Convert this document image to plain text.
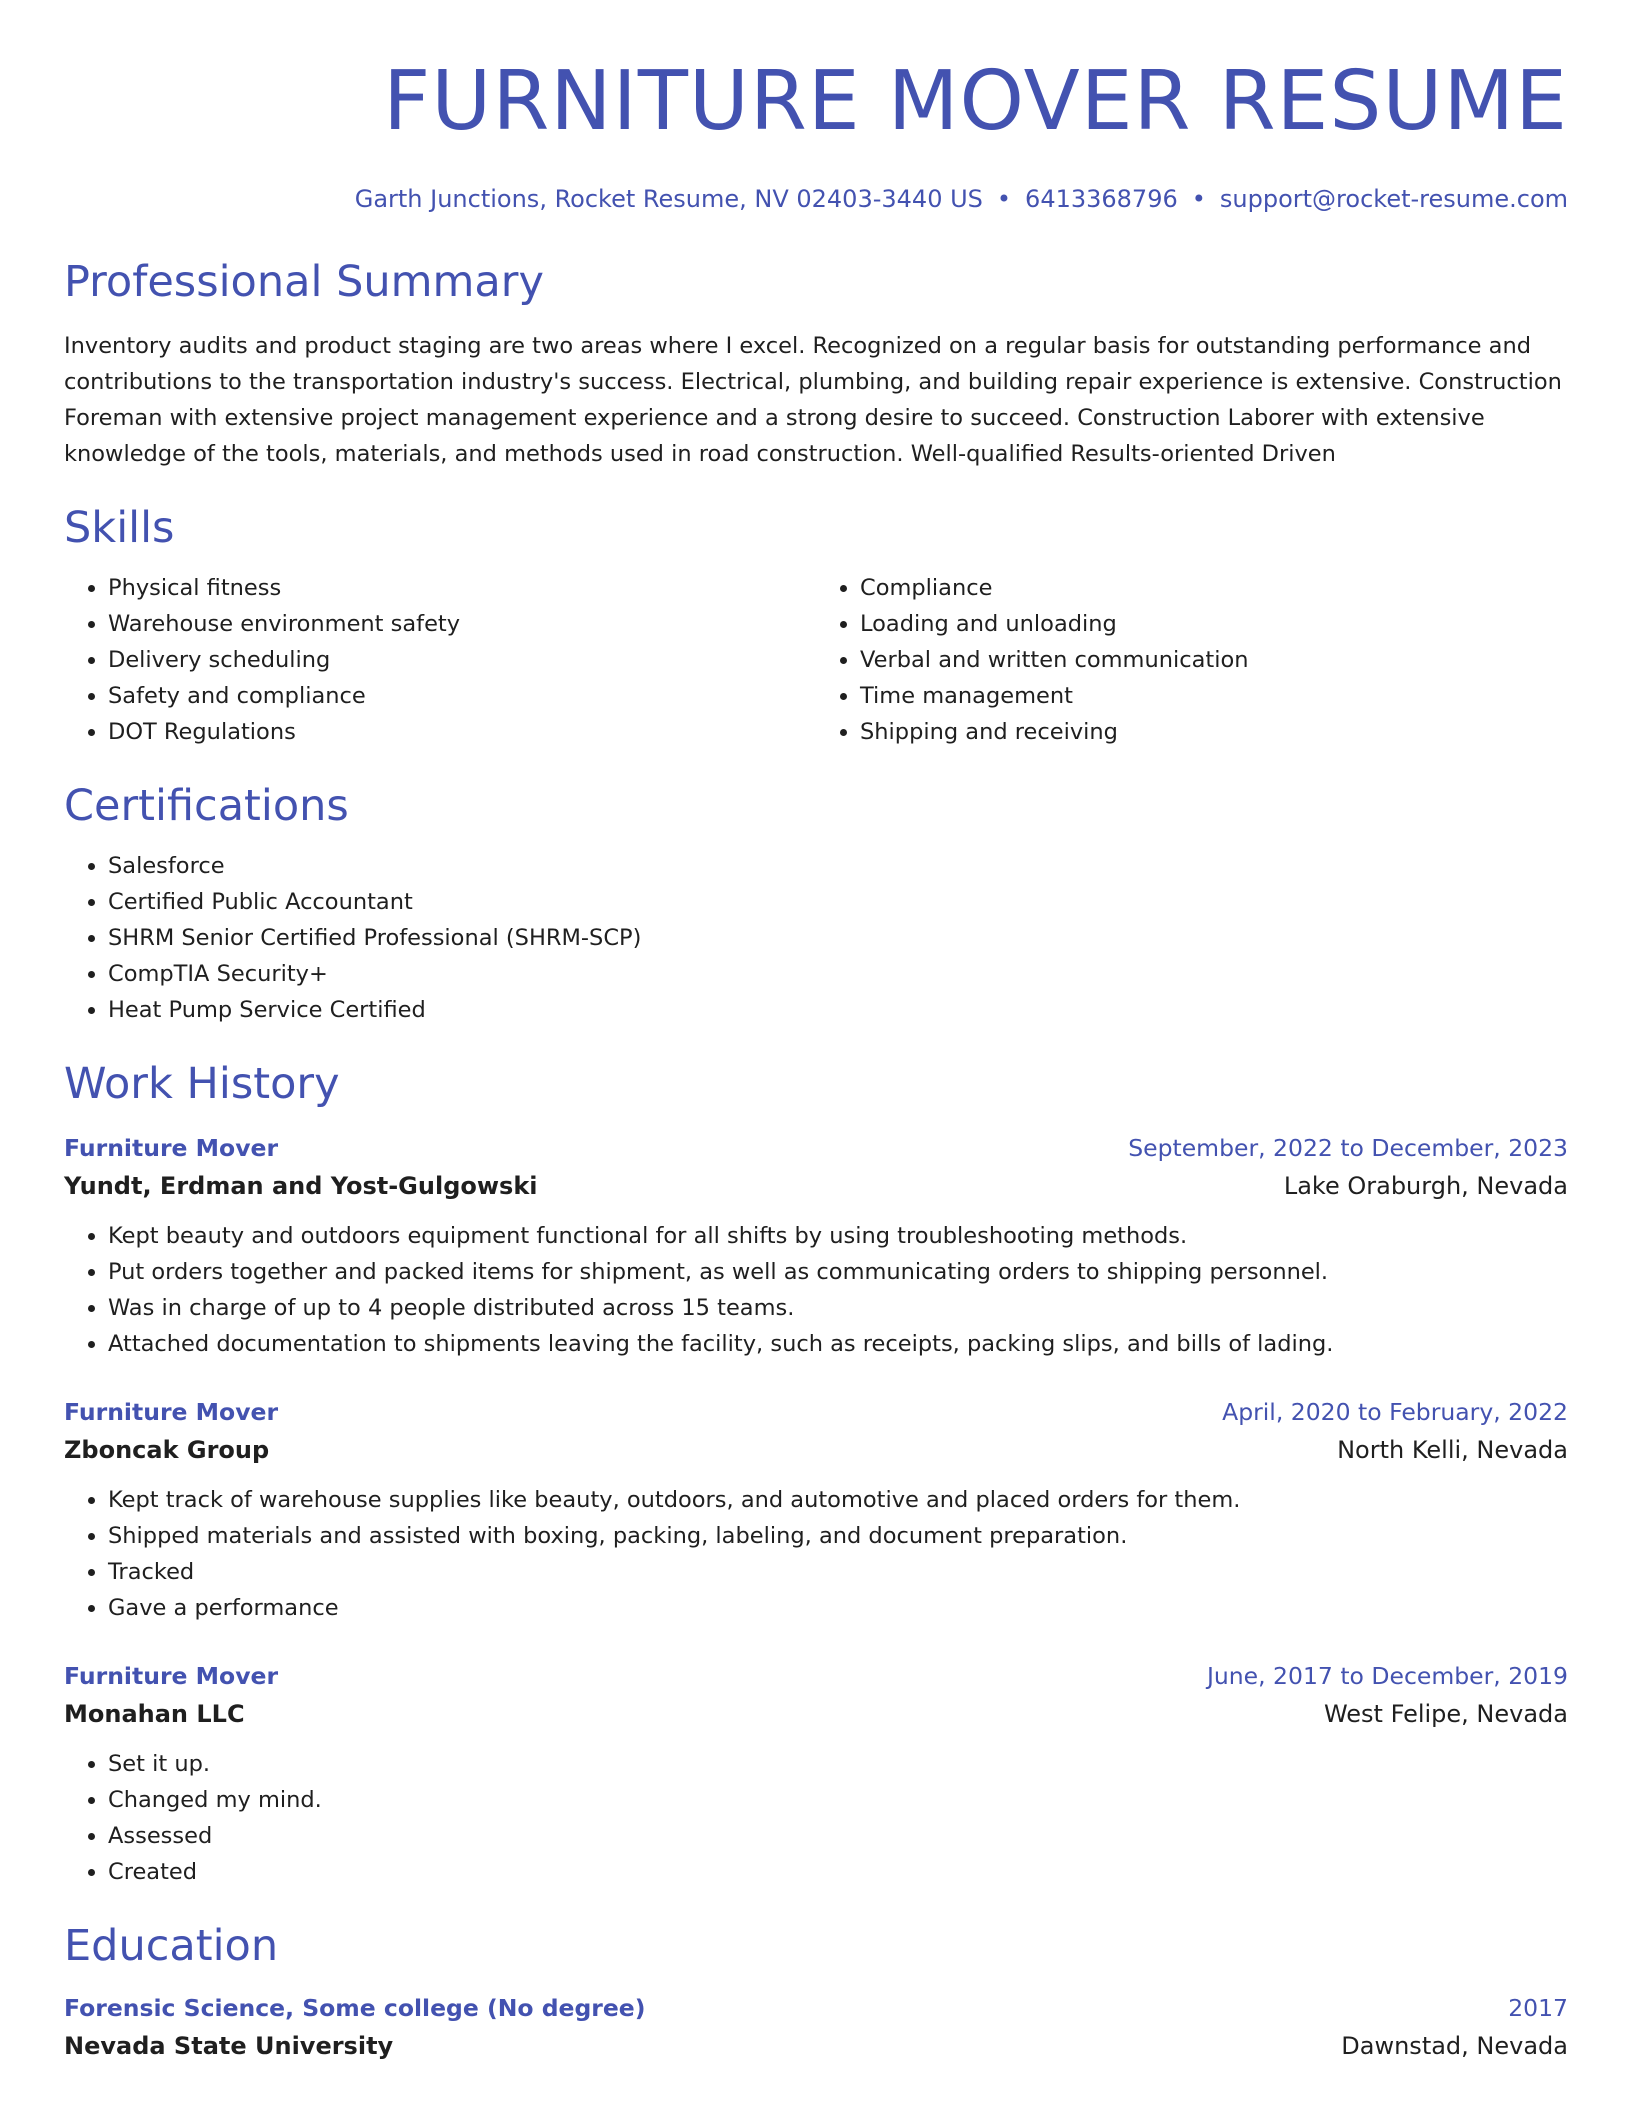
FURNITURE MOVER RESUME
Garth Junctions, Rocket Resume, NV 02403-3440 US • 6413368796 • support@rocket-resume.com
Professional Summary

Inventory audits and product staging are two areas where I excel. Recognized on a regular basis for outstanding performance and contributions to the transportation industry's success. Electrical, plumbing, and building repair experience is extensive. Construction Foreman with extensive project management experience and a strong desire to succeed. Construction Laborer with extensive knowledge of the tools, materials, and methods used in road construction. Well-qualified Results-oriented Driven

Skills
• Physical fitness
• Warehouse environment safety
• Delivery scheduling
• Safety and compliance
• DOT Regulations
• Compliance
• Loading and unloading
• Verbal and written communication
• Time management
• Shipping and receiving
Certifications
• Salesforce
• Certified Public Accountant
• SHRM Senior Certified Professional (SHRM-SCP)
• CompTIA Security+
• Heat Pump Service Certified
Work History
Furniture Mover	September, 2022 to December, 2023
Yundt, Erdman and Yost-Gulgowski	Lake Oraburgh, Nevada
• Kept beauty and outdoors equipment functional for all shifts by using troubleshooting methods.
• Put orders together and packed items for shipment, as well as communicating orders to shipping personnel.
• Was in charge of up to 4 people distributed across 15 teams.
• Attached documentation to shipments leaving the facility, such as receipts, packing slips, and bills of lading.
Furniture Mover	April, 2020 to February, 2022
Zboncak Group	North Kelli, Nevada
• Kept track of warehouse supplies like beauty, outdoors, and automotive and placed orders for them.
• Shipped materials and assisted with boxing, packing, labeling, and document preparation.
• Tracked
• Gave a performance
Furniture Mover	June, 2017 to December, 2019
Monahan LLC	West Felipe, Nevada
• Set it up.
• Changed my mind.
• Assessed
• Created
Education
Forensic Science, Some college (No degree)	2017
Nevada State University	Dawnstad, Nevada
